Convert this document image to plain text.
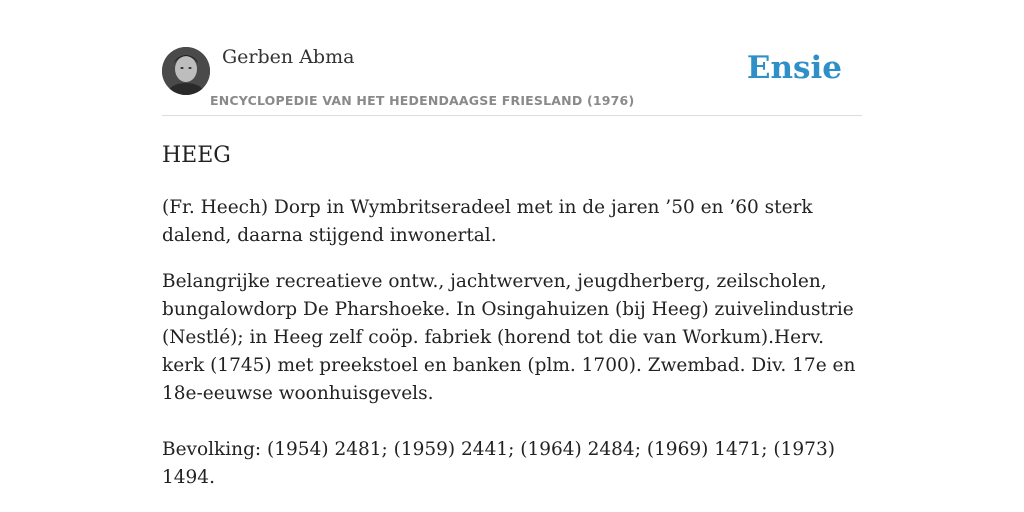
Gerben Abma
ENCYCLOPEDIE VAN HET HEDENDAAGSE FRIESLAND (1976)
Ensie
HEEG

(Fr. Heech) Dorp in Wymbritseradeel met in de jaren ’50 en ’60 sterk dalend, daarna stijgend inwonertal.

Belangrijke recreatieve ontw., jachtwerven, jeugdherberg, zeilscholen, bungalowdorp De Pharshoeke. In Osingahuizen (bij Heeg) zuivelindustrie (Nestlé); in Heeg zelf coöp. fabriek (horend tot die van Workum).Herv. kerk (1745) met preekstoel en banken (plm. 1700). Zwembad. Div. 17e en 18e-eeuwse woonhuisgevels.

Bevolking: (1954) 2481; (1959) 2441; (1964) 2484; (1969) 1471; (1973) 1494.
